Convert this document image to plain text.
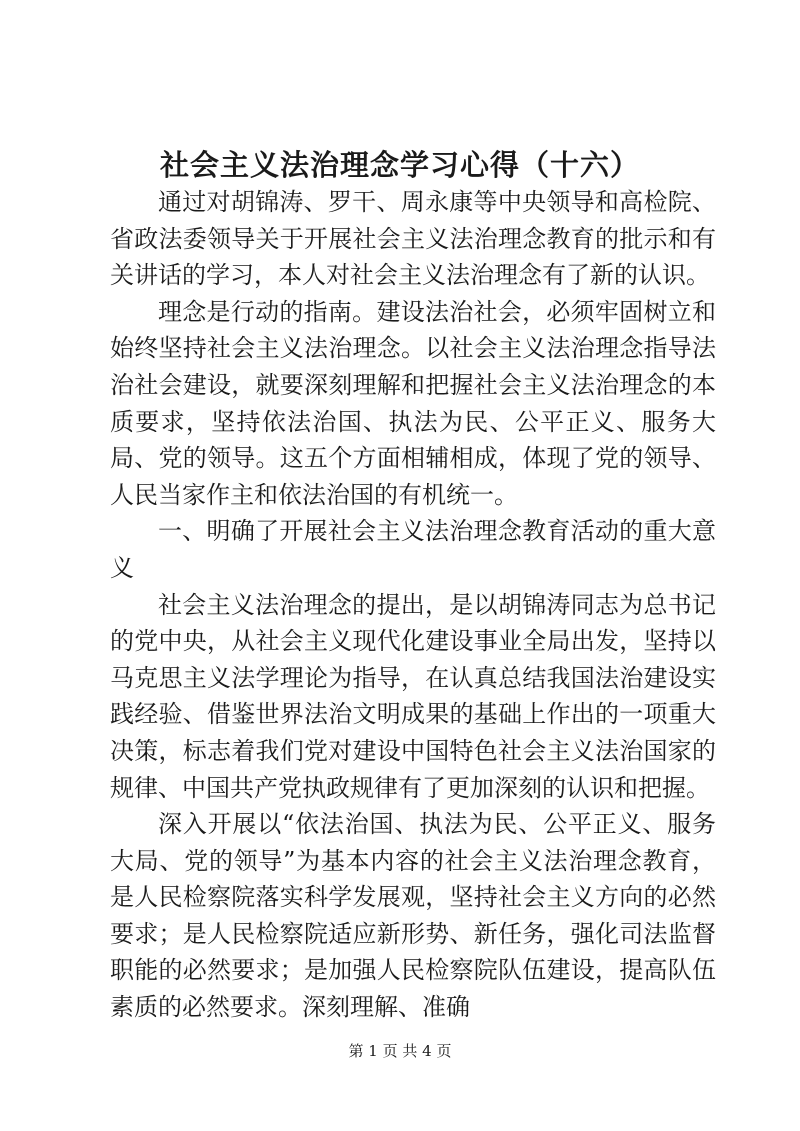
社会主义法治理念学习心得（十六）

通过对胡锦涛、罗干、周永康等中央领导和高检院、省政法委领导关于开展社会主义法治理念教育的批示和有关讲话的学习，本人对社会主义法治理念有了新的认识。

理念是行动的指南。建设法治社会，必须牢固树立和始终坚持社会主义法治理念。以社会主义法治理念指导法治社会建设，就要深刻理解和把握社会主义法治理念的本质要求，坚持依法治国、执法为民、公平正义、服务大局、党的领导。这五个方面相辅相成，体现了党的领导、人民当家作主和依法治国的有机统一。

一、明确了开展社会主义法治理念教育活动的重大意义

社会主义法治理念的提出，是以胡锦涛同志为总书记的党中央，从社会主义现代化建设事业全局出发，坚持以马克思主义法学理论为指导，在认真总结我国法治建设实践经验、借鉴世界法治文明成果的基础上作出的一项重大决策，标志着我们党对建设中国特色社会主义法治国家的规律、中国共产党执政规律有了更加深刻的认识和把握。

深入开展以“依法治国、执法为民、公平正义、服务大局、党的领导”为基本内容的社会主义法治理念教育，是人民检察院落实科学发展观，坚持社会主义方向的必然要求；是人民检察院适应新形势、新任务，强化司法监督职能的必然要求；是加强人民检察院队伍建设，提高队伍素质的必然要求。深刻理解、准确

第 1 页 共 4 页
